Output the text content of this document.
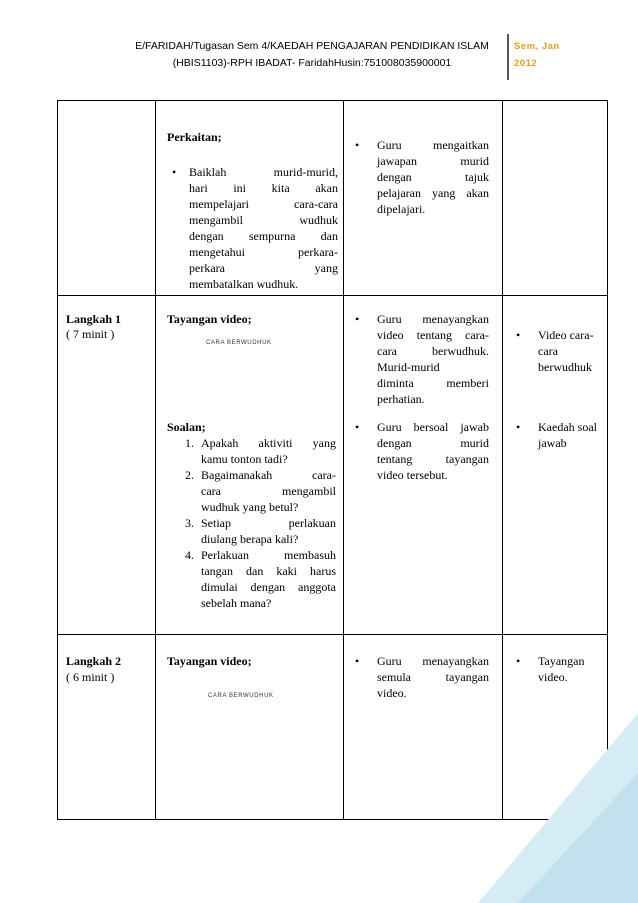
E/FARIDAH/Tugasan Sem 4/KAEDAH PENGAJARAN PENDIDIKAN ISLAM
(HBIS1103)-RPH IBADAT- FaridahHusin:751008035900001
Sem, Jan
2012
Perkaitan;
• Baiklah murid-murid,
hari ini kita akan
mempelajari cara-cara
mengambil wudhuk
dengan sempurna dan
mengetahui perkara-
perkara yang
membatalkan wudhuk.
• Guru mengaitkan
jawapan murid
dengan tajuk
pelajaran yang akan
dipelajari.
Langkah 1
( 7 minit )
Tayangan video;
CARA BERWUDHUK
• Guru menayangkan
video tentang cara-
cara berwudhuk.
Murid-murid
diminta memberi
perhatian.
• Video cara-
cara
berwudhuk
Soalan;
1. Apakah aktiviti yang
kamu tonton tadi?
2. Bagaimanakah cara-
cara mengambil
wudhuk yang betul?
3. Setiap perlakuan
diulang berapa kali?
4. Perlakuan membasuh
tangan dan kaki harus
dimulai dengan anggota
sebelah mana?
• Guru bersoal jawab
dengan murid
tentang tayangan
video tersebut.
• Kaedah soal
jawab
Langkah 2
( 6 minit )
Tayangan video;
CARA BERWUDHUK
• Guru menayangkan
semula tayangan
video.
• Tayangan
video.
